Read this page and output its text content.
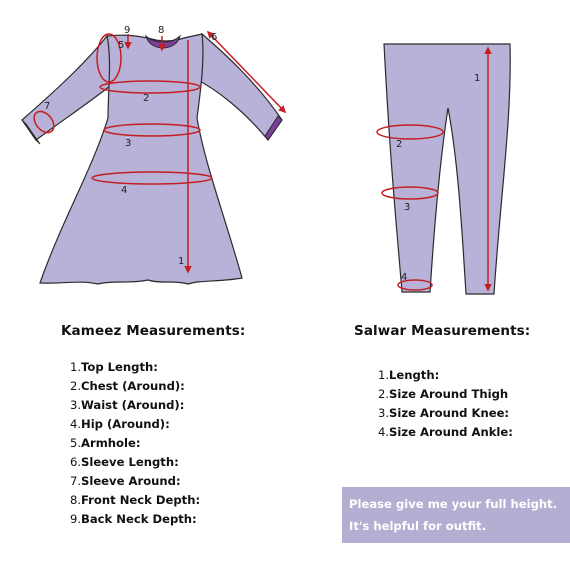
1
2
3
4
5
6
7
8
9
1
2
3
4
Kameez Measurements:	Salwar Measurements:
1.Top Length:
2.Chest (Around):
3.Waist (Around):
4.Hip (Around):
5.Armhole:
6.Sleeve Length:
7.Sleeve Around:
8.Front Neck Depth:
9.Back Neck Depth:
1.Length:
2.Size Around Thigh
3.Size Around Knee:
4.Size Around Ankle:
Please give me your full height.
It's helpful for outfit.
